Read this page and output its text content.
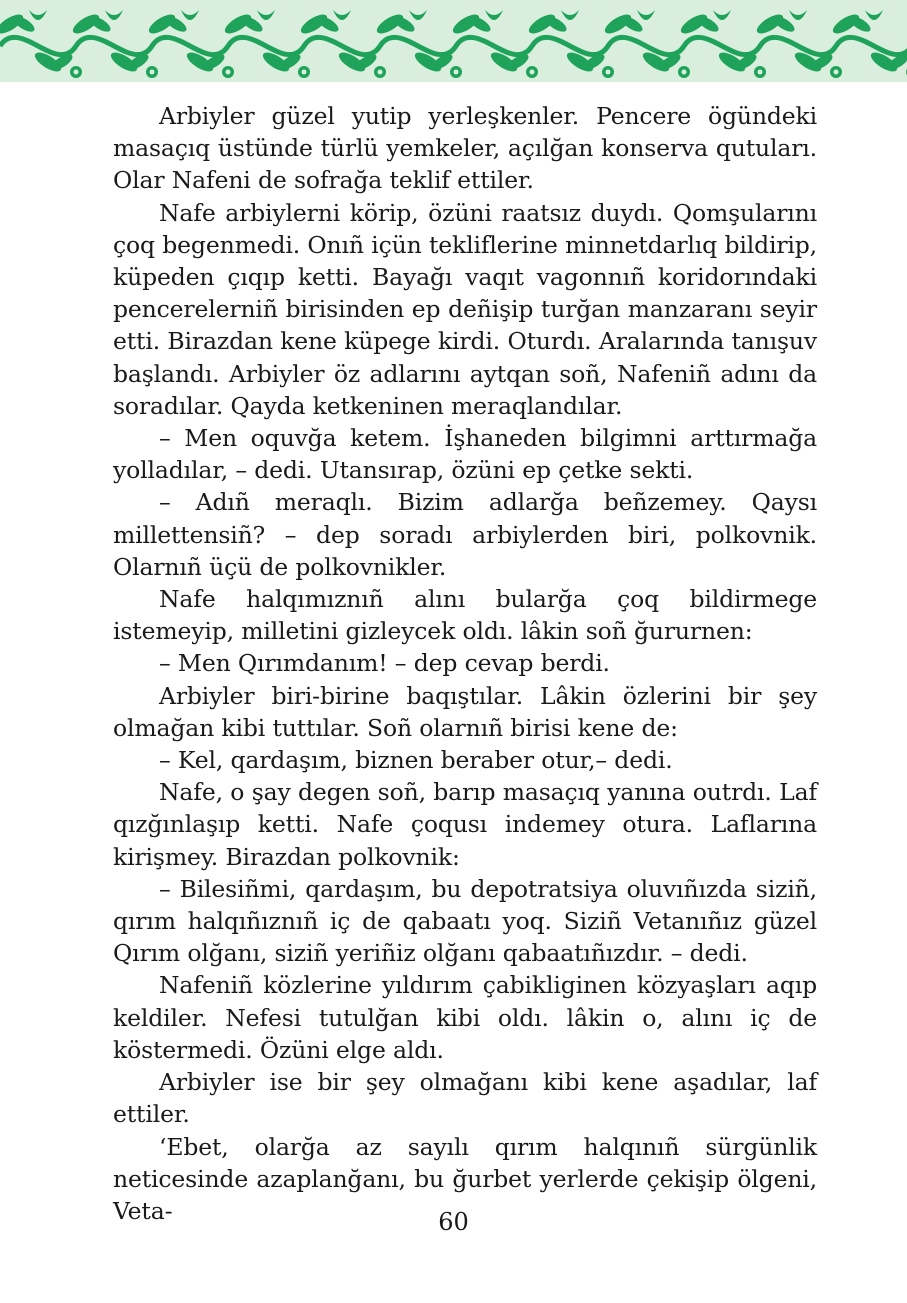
Arbiyler güzel yutip yerleşkenler. Pencere ögündeki masaçıq üstünde türlü yemkeler, açılğan konserva qutuları. Olar Nafeni de sofrağa teklif ettiler.

Nafe arbiylerni körip, özüni raatsız duydı. Qomşularını çoq begenmedi. Onıñ içün tekliflerine minnetdarlıq bildirip, küpeden çıqıp ketti. Bayağı vaqıt vagonnıñ koridorındaki pencerelerniñ birisinden ep deñişip turğan manzaranı seyir etti. Birazdan kene küpege kirdi. Oturdı. Aralarında tanışuv başlandı. Arbiyler öz adlarını aytqan soñ, Nafeniñ adını da soradılar. Qayda ketkeninen meraqlandılar.

– Men oquvğa ketem. İşhaneden bilgimni arttırmağa yolladılar, – dedi. Utansırap, özüni ep çetke sekti.

– Adıñ meraqlı. Bizim adlarğa beñzemey. Qaysı millettensiñ? – dep soradı arbiylerden biri, polkovnik. Olarnıñ üçü de polkovnikler.

Nafe halqımıznıñ alını bularğa çoq bildirmege istemeyip, milletini gizleycek oldı. lâkin soñ ğururnen:

– Men Qırımdanım! – dep cevap berdi.

Arbiyler biri-birine baqıştılar. Lâkin özlerini bir şey olmağan kibi tuttılar. Soñ olarnıñ birisi kene de:

– Kel, qardaşım, biznen beraber otur,– dedi.

Nafe, o şay degen soñ, barıp masaçıq yanına outrdı. Laf qızğınlaşıp ketti. Nafe çoqusı indemey otura. Laflarına kirişmey. Birazdan polkovnik:

– Bilesiñmi, qardaşım, bu depotratsiya oluvıñızda siziñ, qırım halqıñıznıñ iç de qabaatı yoq. Siziñ Vetanıñız güzel Qırım olğanı, siziñ yeriñiz olğanı qabaatıñızdır. – dedi.

Nafeniñ közlerine yıldırım çabikliginen közyaşları aqıp keldiler. Nefesi tutulğan kibi oldı. lâkin o, alını iç de köstermedi. Özüni elge aldı.

Arbiyler ise bir şey olmağanı kibi kene aşadılar, laf ettiler.

‘Ebet, olarğa az sayılı qırım halqınıñ sürgünlik neticesinde azaplanğanı, bu ğurbet yerlerde çekişip ölgeni, Veta-	60
